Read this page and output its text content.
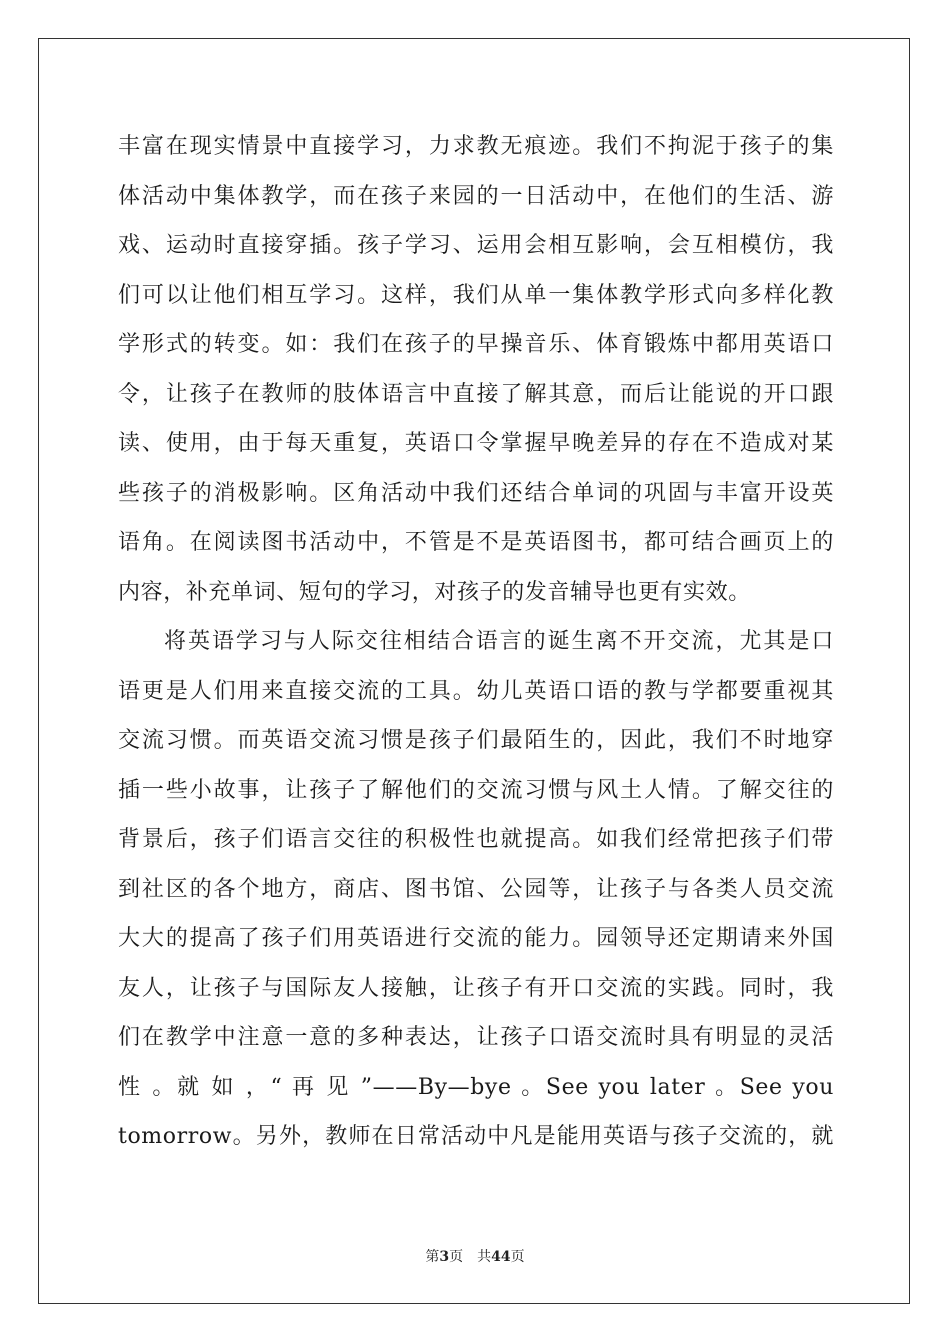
丰富在现实情景中直接学习，力求教无痕迹。我们不拘泥于孩子的集
体活动中集体教学，而在孩子来园的一日活动中，在他们的生活、游
戏、运动时直接穿插。孩子学习、运用会相互影响，会互相模仿，我
们可以让他们相互学习。这样，我们从单一集体教学形式向多样化教
学形式的转变。如：我们在孩子的早操音乐、体育锻炼中都用英语口
令，让孩子在教师的肢体语言中直接了解其意，而后让能说的开口跟
读、使用，由于每天重复，英语口令掌握早晚差异的存在不造成对某
些孩子的消极影响。区角活动中我们还结合单词的巩固与丰富开设英
语角。在阅读图书活动中，不管是不是英语图书，都可结合画页上的
内容，补充单词、短句的学习，对孩子的发音辅导也更有实效。
将英语学习与人际交往相结合语言的诞生离不开交流，尤其是口
语更是人们用来直接交流的工具。幼儿英语口语的教与学都要重视其
交流习惯。而英语交流习惯是孩子们最陌生的，因此，我们不时地穿
插一些小故事，让孩子了解他们的交流习惯与风土人情。了解交往的
背景后，孩子们语言交往的积极性也就提高。如我们经常把孩子们带
到社区的各个地方，商店、图书馆、公园等，让孩子与各类人员交流
大大的提高了孩子们用英语进行交流的能力。园领导还定期请来外国
友人，让孩子与国际友人接触，让孩子有开口交流的实践。同时，我
们在教学中注意一意的多种表达，让孩子口语交流时具有明显的灵活
性 。就 如 ，“ 再 见 ”——By—bye 。See you later 。See you
tomorrow。另外，教师在日常活动中凡是能用英语与孩子交流的，就
第3页 共44页
